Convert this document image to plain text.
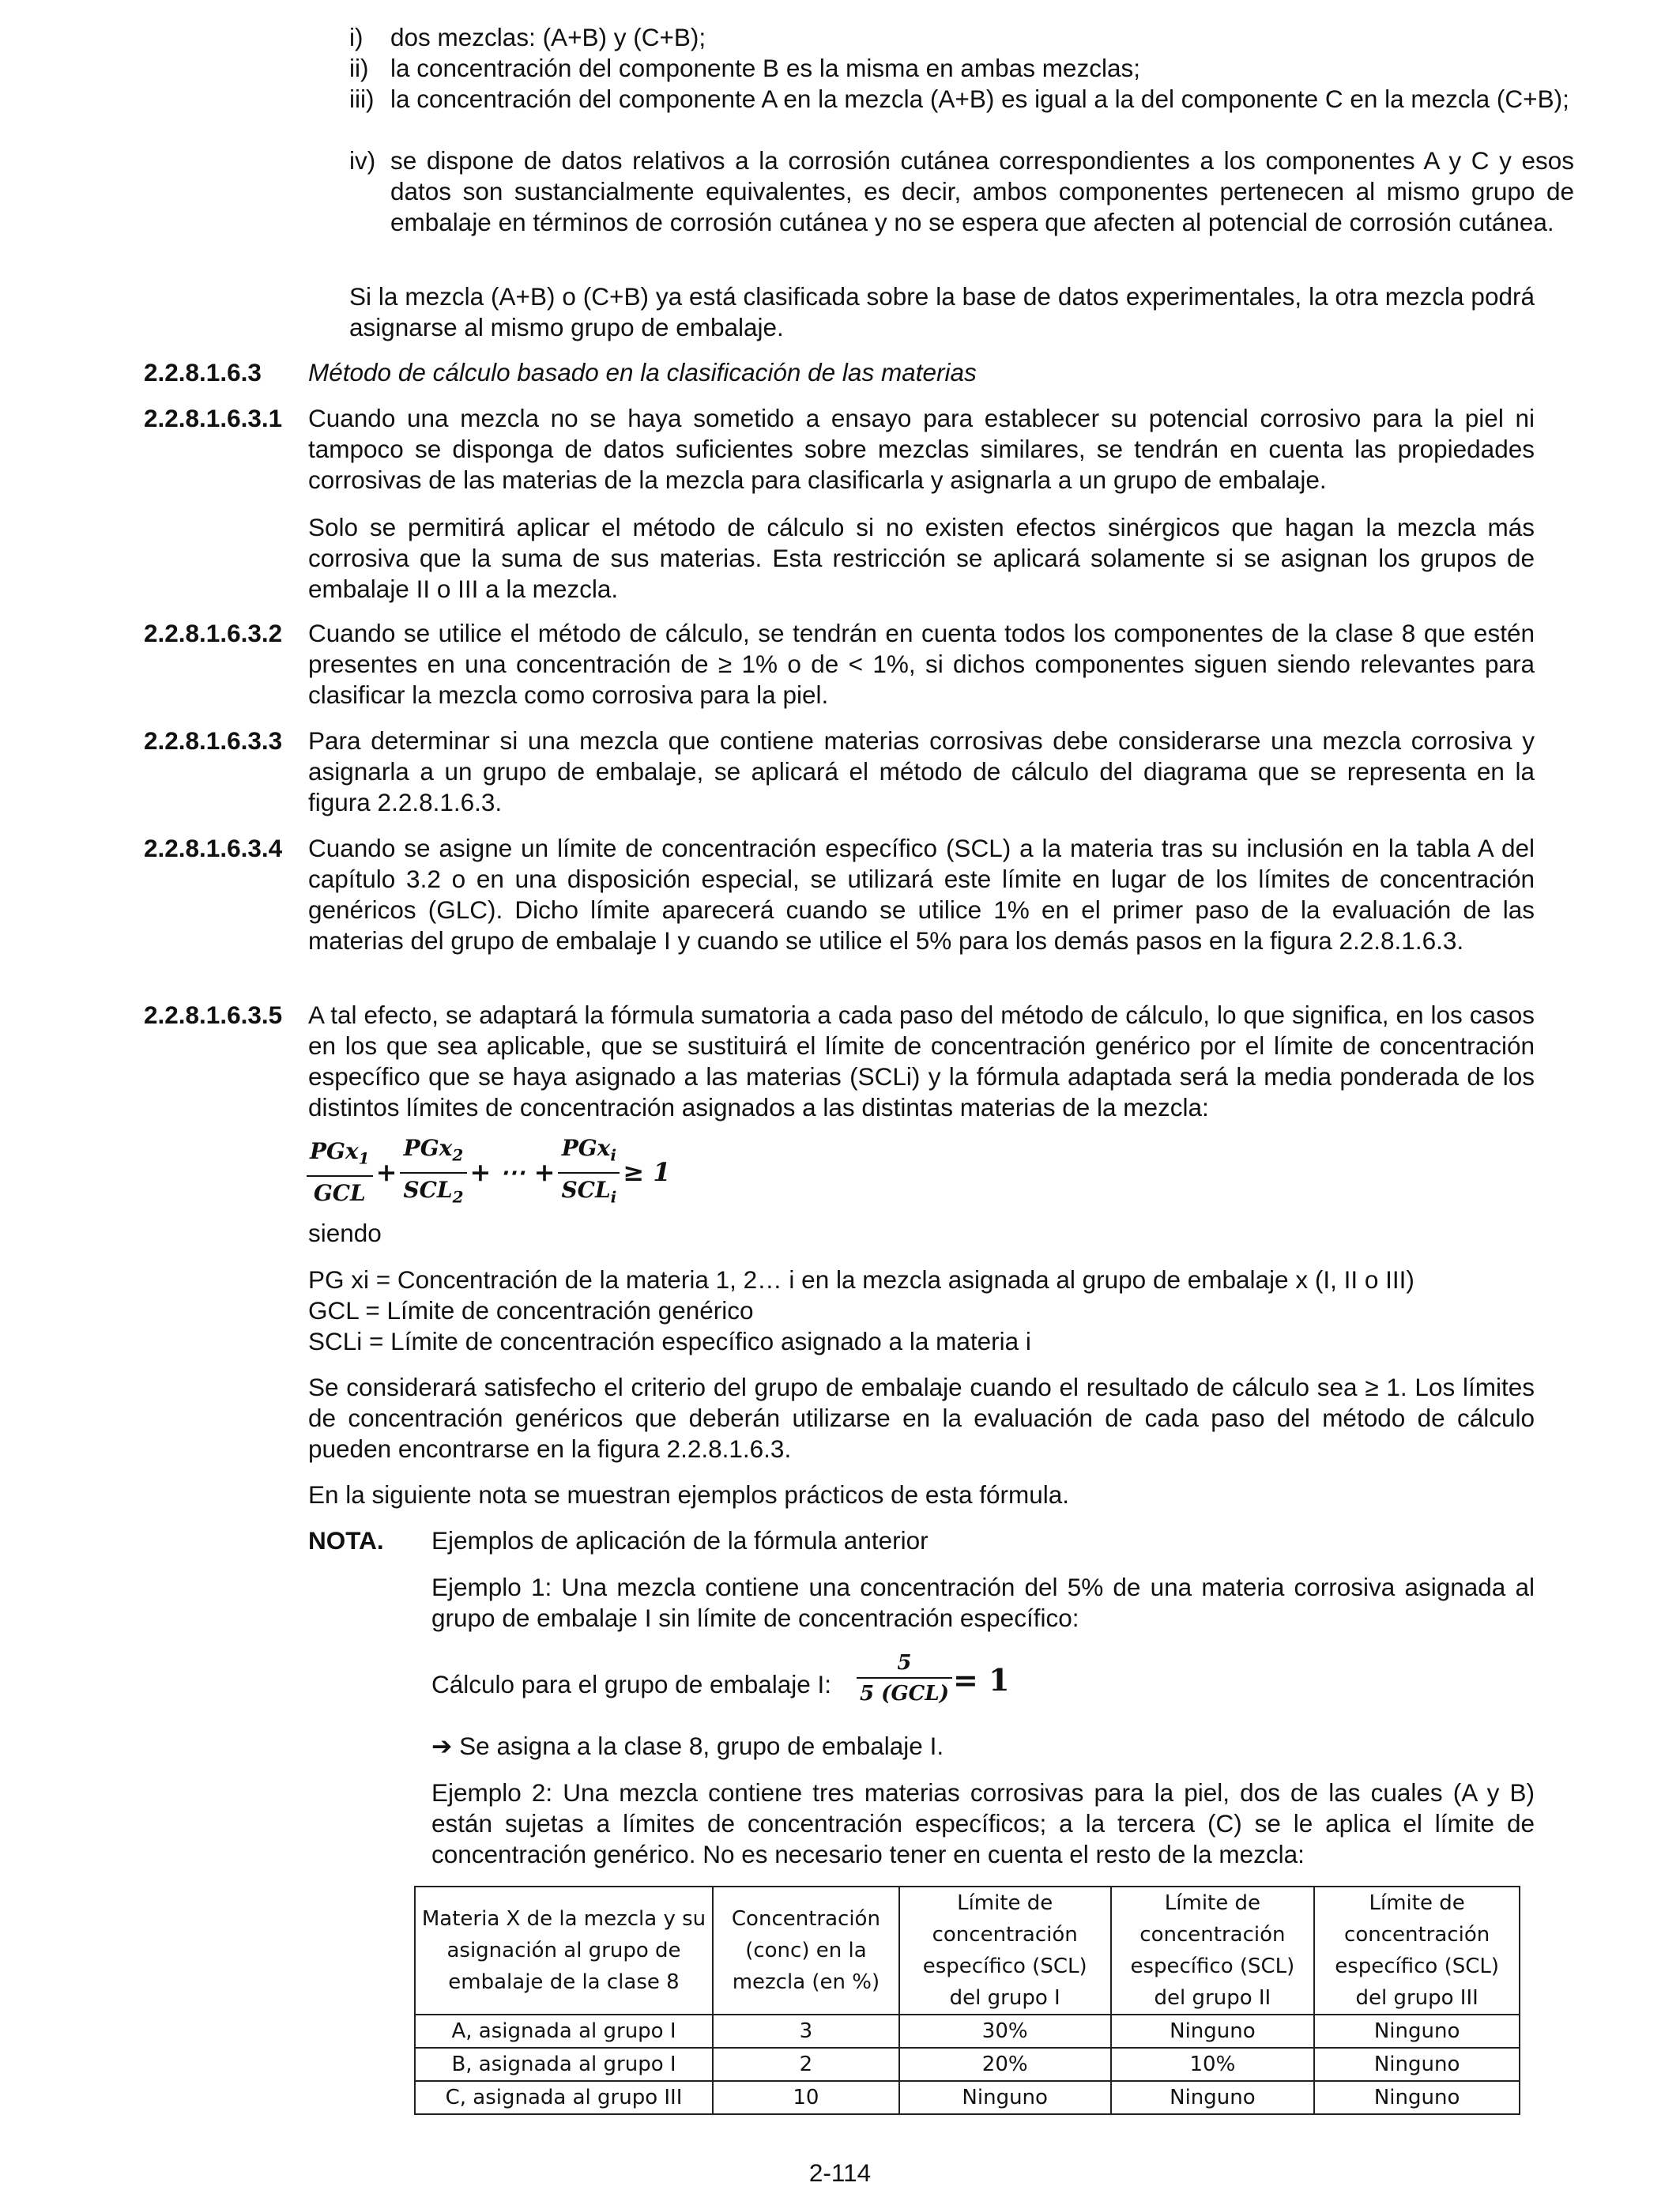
i) dos mezclas: (A+B) y (C+B);
ii) la concentración del componente B es la misma en ambas mezclas;
iii) la concentración del componente A en la mezcla (A+B) es igual a la del componente C en la mezcla (C+B);
iv) se dispone de datos relativos a la corrosión cutánea correspondientes a los componentes A y C y esos datos son sustancialmente equivalentes, es decir, ambos componentes pertenecen al mismo grupo de embalaje en términos de corrosión cutánea y no se espera que afecten al potencial de corrosión cutánea.
Si la mezcla (A+B) o (C+B) ya está clasificada sobre la base de datos experimentales, la otra mezcla podrá asignarse al mismo grupo de embalaje.
2.2.8.1.6.3 Método de cálculo basado en la clasificación de las materias
2.2.8.1.6.3.1 Cuando una mezcla no se haya sometido a ensayo para establecer su potencial corrosivo para la piel ni tampoco se disponga de datos suficientes sobre mezclas similares, se tendrán en cuenta las propiedades corrosivas de las materias de la mezcla para clasificarla y asignarla a un grupo de embalaje.
Solo se permitirá aplicar el método de cálculo si no existen efectos sinérgicos que hagan la mezcla más corrosiva que la suma de sus materias. Esta restricción se aplicará solamente si se asignan los grupos de embalaje II o III a la mezcla.
2.2.8.1.6.3.2 Cuando se utilice el método de cálculo, se tendrán en cuenta todos los componentes de la clase 8 que estén presentes en una concentración de ≥ 1% o de < 1%, si dichos componentes siguen siendo relevantes para clasificar la mezcla como corrosiva para la piel.
2.2.8.1.6.3.3 Para determinar si una mezcla que contiene materias corrosivas debe considerarse una mezcla corrosiva y asignarla a un grupo de embalaje, se aplicará el método de cálculo del diagrama que se representa en la figura 2.2.8.1.6.3.
2.2.8.1.6.3.4 Cuando se asigne un límite de concentración específico (SCL) a la materia tras su inclusión en la tabla A del capítulo 3.2 o en una disposición especial, se utilizará este límite en lugar de los límites de concentración genéricos (GLC). Dicho límite aparecerá cuando se utilice 1% en el primer paso de la evaluación de las materias del grupo de embalaje I y cuando se utilice el 5% para los demás pasos en la figura 2.2.8.1.6.3.
2.2.8.1.6.3.5 A tal efecto, se adaptará la fórmula sumatoria a cada paso del método de cálculo, lo que significa, en los casos en los que sea aplicable, que se sustituirá el límite de concentración genérico por el límite de concentración específico que se haya asignado a las materias (SCLi) y la fórmula adaptada será la media ponderada de los distintos límites de concentración asignados a las distintas materias de la mezcla:
$\frac{PGx_1}{\text{GCL}} + \frac{PGx_2}{SCL_2}$ + ⋯ + $\frac{PGx_i}{SCL_i} \ge 1$
siendo
PG xi = Concentración de la materia 1, 2… i en la mezcla asignada al grupo de embalaje x (I, II o III)
GCL = Límite de concentración genérico
SCLi = Límite de concentración específico asignado a la materia i
Se considerará satisfecho el criterio del grupo de embalaje cuando el resultado de cálculo sea ≥ 1. Los límites de concentración genéricos que deberán utilizarse en la evaluación de cada paso del método de cálculo pueden encontrarse en la figura 2.2.8.1.6.3.
En la siguiente nota se muestran ejemplos prácticos de esta fórmula.
NOTA. Ejemplos de aplicación de la fórmula anterior
Ejemplo 1: Una mezcla contiene una concentración del 5% de una materia corrosiva asignada al grupo de embalaje I sin límite de concentración específico:
Cálculo para el grupo de embalaje I:
5
5 (GCL) = 1
➔ Se asigna a la clase 8, grupo de embalaje I.
Ejemplo 2: Una mezcla contiene tres materias corrosivas para la piel, dos de las cuales (A y B) están sujetas a límites de concentración específicos; a la tercera (C) se le aplica el límite de concentración genérico. No es necesario tener en cuenta el resto de la mezcla:
Materia X de la mezcla y su asignación al grupo de embalaje de la clase 8	Concentración (conc) en la mezcla (en %)	Límite de concentración específico (SCL) del grupo I	Límite de concentración específico (SCL) del grupo II	Límite de concentración específico (SCL) del grupo III
A, asignada al grupo I	3	30%	Ninguno	Ninguno
B, asignada al grupo I	2	20%	10%	Ninguno
C, asignada al grupo III	10	Ninguno	Ninguno	Ninguno
2-114
